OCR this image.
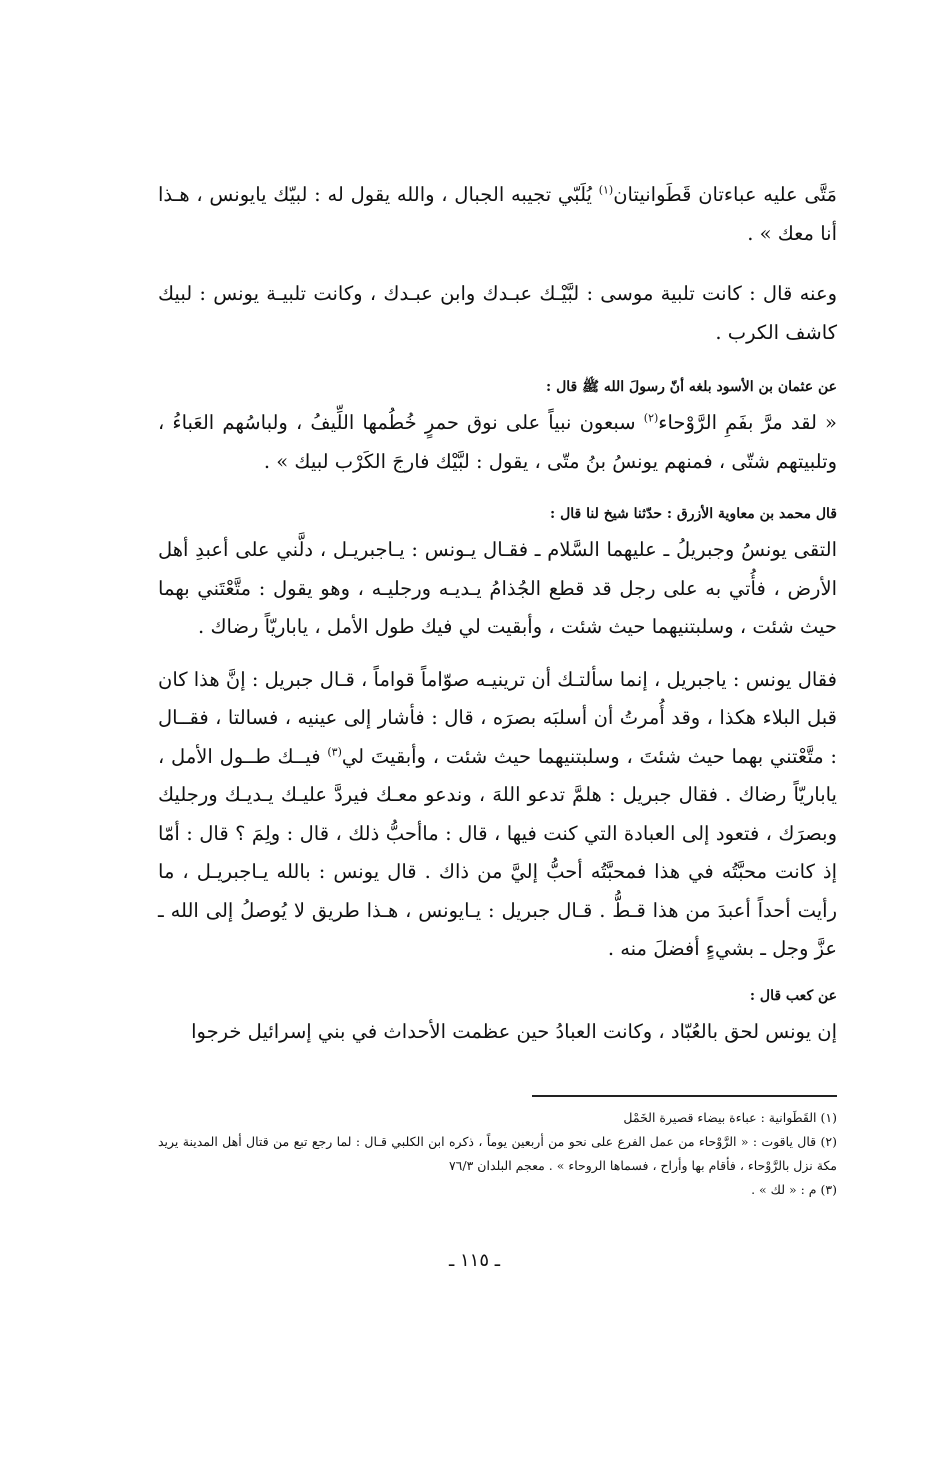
مَتَّى عليه عباءتان قَطَوانيتان$^{(١)}$ يُلَبّي تجيبه الجبال ، والله يقول له : لبيّك يايونس ، هـذا أنا معك » .

وعنه قال : كانت تلبية موسى : لبَّيْـك عبـدك وابن عبـدك ، وكانت تلبيـة يونس : لبيك كاشف الكرب .

عن عثمان بن الأسود بلغه أنّ رسولَ الله ﷺ قال :

« لقد مرَّ بفَمِ الرَّوْحاء$^{(٢)}$ سبعون نبياً على نوق حمرٍ خُطُمها اللِّيفُ ، ولباسُهم العَباءُ ، وتلبيتهم شتّى ، فمنهم يونسُ بنُ متّى ، يقول : لبَّيْك فارجَ الكَرْب لبيك » .

قال محمد بن معاوية الأزرق : حدّثنا شيخ لنا قال :

التقى يونسُ وجبريلُ ـ عليهما السَّلام ـ فقـال يـونس : يـاجبريـل ، دلَّني على أعبدِ أهل الأرض ، فأُتي به على رجل قد قطع الجُذامُ يـديـه ورجليـه ، وهو يقول : متَّعْتَني بهما حيث شئت ، وسلبتنيهما حيث شئت ، وأبقيت لي فيك طول الأمل ، ياباريّاً رضاك .

فقال يونس : ياجبريل ، إنما سألتـك أن ترينيـه صوّاماً قواماً ، قـال جبريل : إنَّ هذا كان قبل البلاء هكذا ، وقد أُمرتُ أن أسلبَه بصرَه ، قال : فأشار إلى عينيه ، فسالتا ، فقــال : متَّعْتني بهما حيث شئتَ ، وسلبتنيهما حيث شئت ، وأبقيتَ لي$^{(٣)}$ فيــك طــول الأمل ، ياباريّاً رضاك . فقال جبريل : هلمَّ تدعو اللهَ ، وندعو معـك فيردَّ عليـك يـديـك ورجليك وبصرَك ، فتعود إلى العبادة التي كنت فيها ، قال : ماأحبُّ ذلك ، قال : ولِمَ ؟ قال : أمّا إذ كانت محبَّتُه في هذا فمحبَّتُه أحبُّ إليَّ من ذاك . قال يونس : بالله يـاجبريـل ، ما رأيت أحداً أعبدَ من هذا قـطُّ . قـال جبريل : يـايونس ، هـذا طريق لا يُوصلُ إلى الله ـ عزَّ وجل ـ بشيءٍ أفضلَ منه .

عن كعب قال :

إن يونس لحق بالعُبّاد ، وكانت العبادُ حين عظمت الأحداث في بني إسرائيل خرجوا

(١) القَطَوانية : عباءة بيضاء قصيرة الخَمْل

(٢) قال ياقوت : « الرَّوْحاء من عمل الفرع على نحو من أربعين يوماً ، ذكره ابن الكلبي قـال : لما رجع تبع من قتال أهل المدينة يريد مكة نزل بالرَّوْحاء ، فأقام بها وأراح ، فسماها الروحاء » . معجم البلدان ٧٦/٣

(٣) م : « لك » .

ـ ١١٥ ـ
